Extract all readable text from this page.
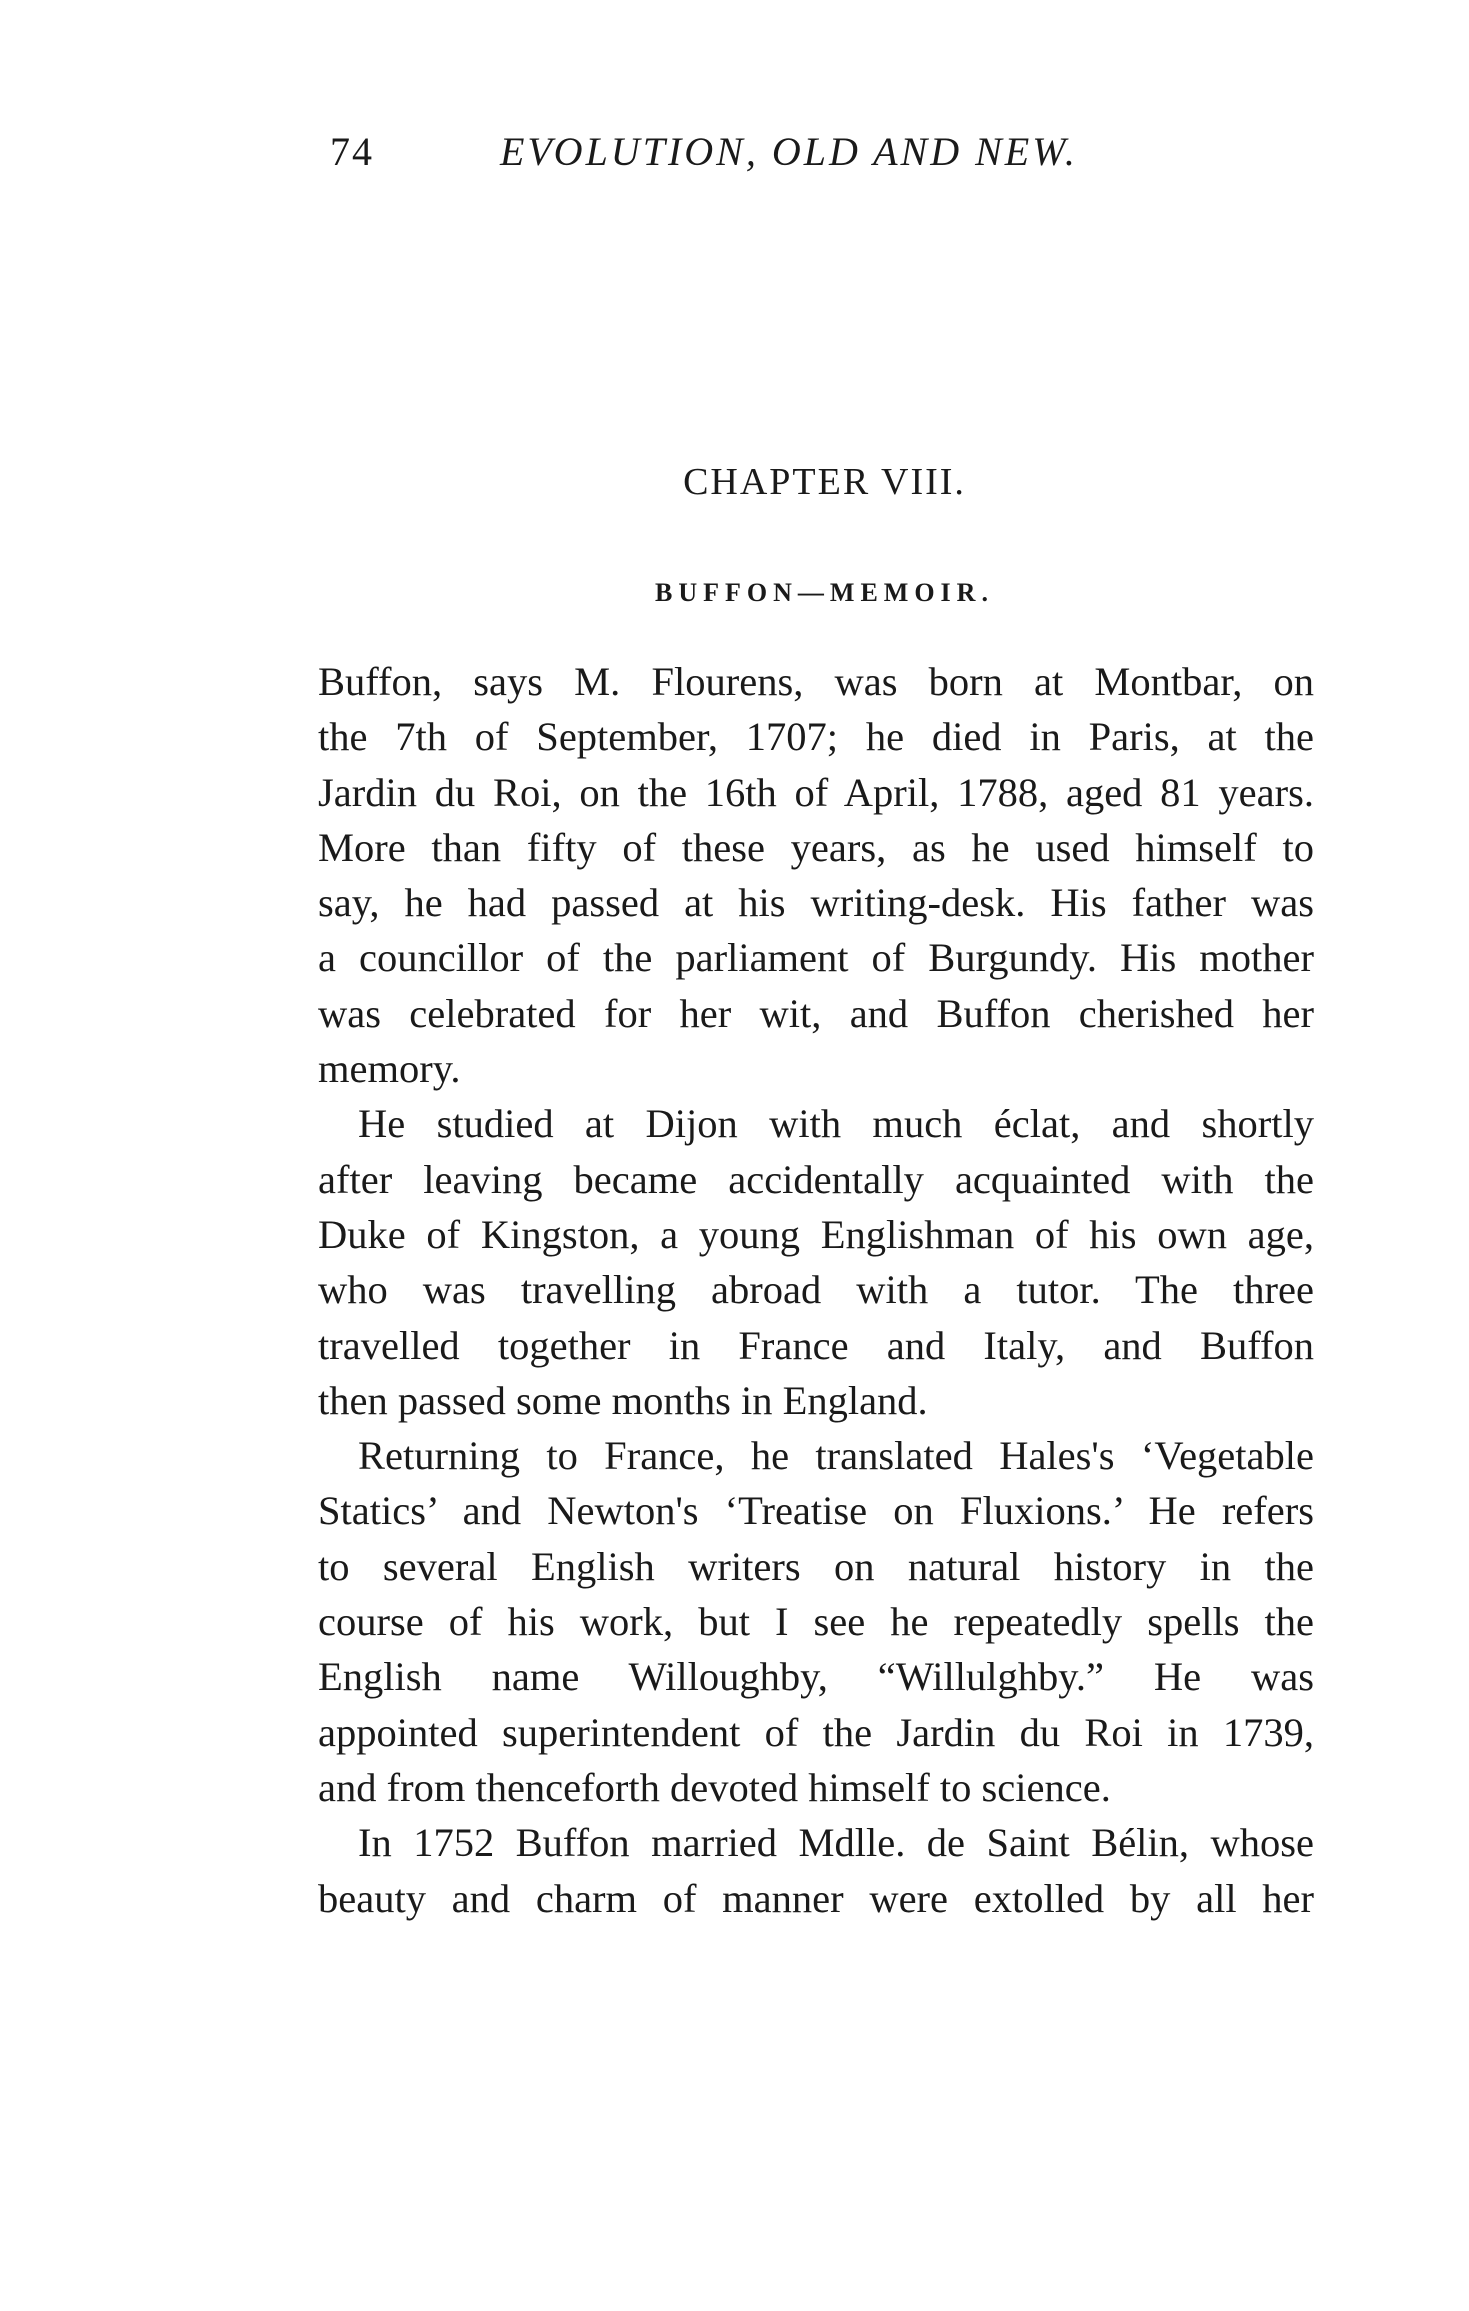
74	EVOLUTION, OLD AND NEW.
CHAPTER VIII.
BUFFON—MEMOIR.
Buffon, says M. Flourens, was born at Montbar, on
the 7th of September, 1707; he died in Paris, at the
Jardin du Roi, on the 16th of April, 1788, aged 81 years.
More than fifty of these years, as he used himself to
say, he had passed at his writing-desk. His father was
a councillor of the parliament of Burgundy. His mother
was celebrated for her wit, and Buffon cherished her
memory.
He studied at Dijon with much éclat, and shortly
after leaving became accidentally acquainted with the
Duke of Kingston, a young Englishman of his own age,
who was travelling abroad with a tutor. The three
travelled together in France and Italy, and Buffon
then passed some months in England.
Returning to France, he translated Hales's ‘Vegetable
Statics’ and Newton's ‘Treatise on Fluxions.’ He refers
to several English writers on natural history in the
course of his work, but I see he repeatedly spells the
English name Willoughby, “Willulghby.” He was
appointed superintendent of the Jardin du Roi in 1739,
and from thenceforth devoted himself to science.
In 1752 Buffon married Mdlle. de Saint Bélin, whose
beauty and charm of manner were extolled by all her
